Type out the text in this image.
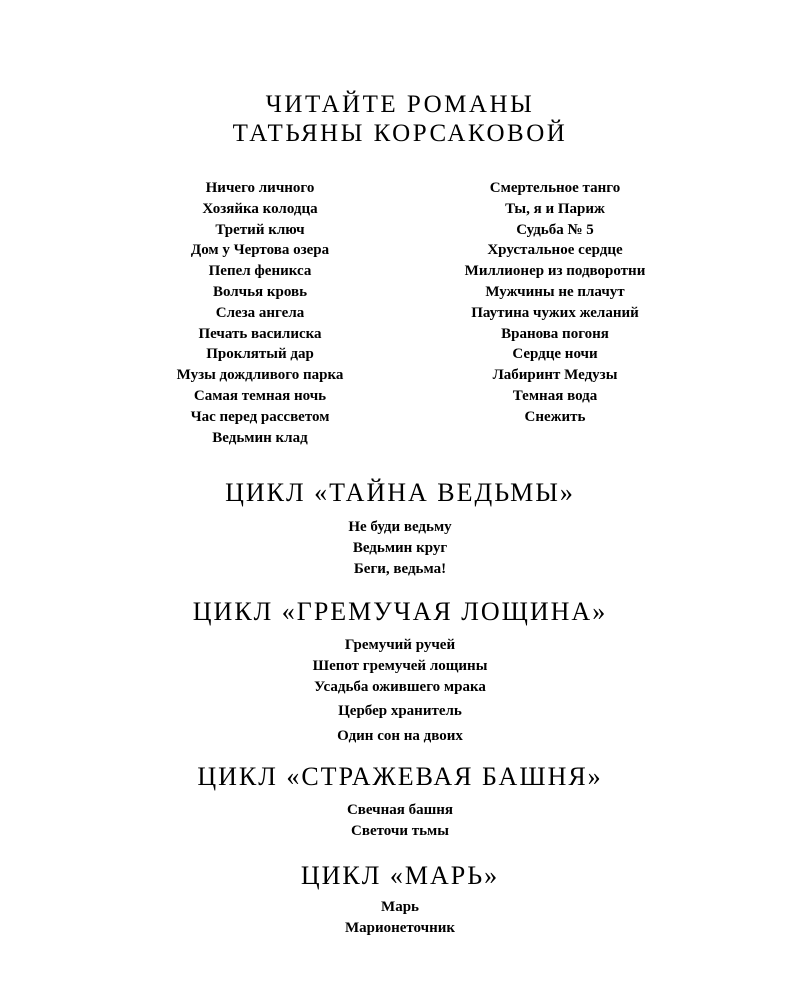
ЧИТАЙТЕ РОМАНЫ
ТАТЬЯНЫ КОРСАКОВОЙ
Ничего личного
Хозяйка колодца
Третий ключ
Дом у Чертова озера
Пепел феникса
Волчья кровь
Слеза ангела
Печать василиска
Проклятый дар
Музы дождливого парка
Самая темная ночь
Час перед рассветом
Ведьмин клад
Смертельное танго
Ты, я и Париж
Судьба № 5
Хрустальное сердце
Миллионер из подворотни
Мужчины не плачут
Паутина чужих желаний
Вранова погоня
Сердце ночи
Лабиринт Медузы
Темная вода
Снежить
ЦИКЛ «ТАЙНА ВЕДЬМЫ»
Не буди ведьму
Ведьмин круг
Беги, ведьма!
ЦИКЛ «ГРЕМУЧАЯ ЛОЩИНА»
Гремучий ручей
Шепот гремучей лощины
Усадьба ожившего мрака
Цербер хранитель
Один сон на двоих
ЦИКЛ «СТРАЖЕВАЯ БАШНЯ»
Свечная башня
Светочи тьмы
ЦИКЛ «МАРЬ»
Марь
Марионеточник
